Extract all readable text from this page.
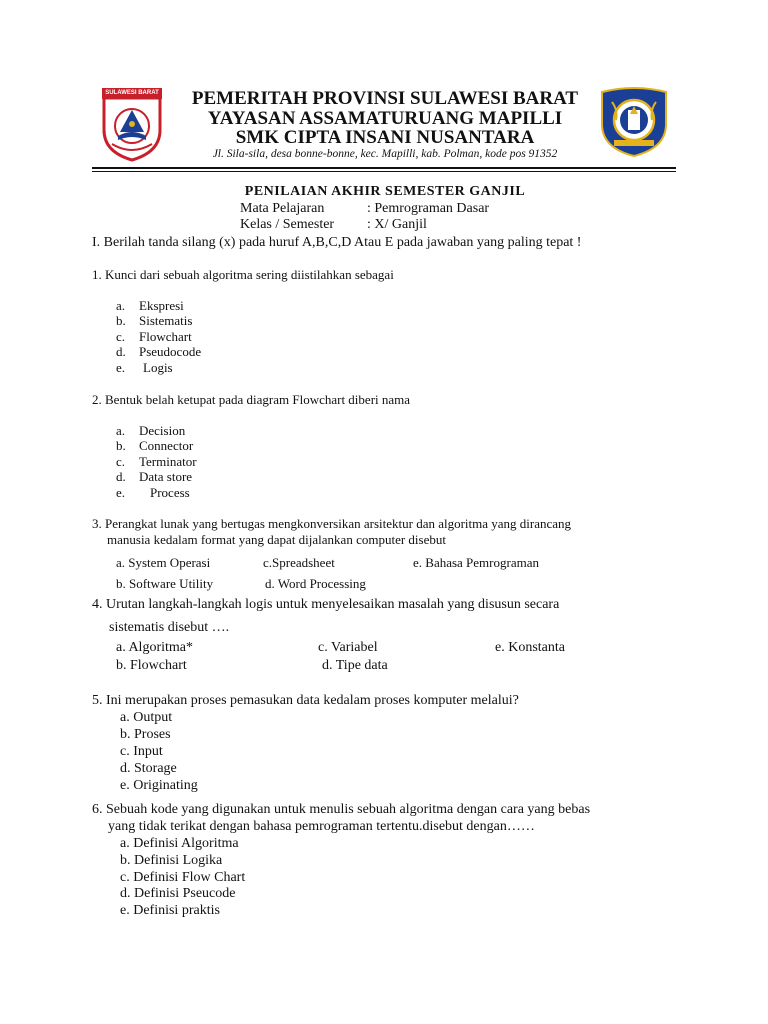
SULAWESI BARAT	PEMERITAH PROVINSI SULAWESI BARAT
YAYASAN ASSAMATURUANG MAPILLI
SMK CIPTA INSANI NUSANTARA
Jl. Sila-sila, desa bonne-bonne, kec. Mapilli, kab. Polman, kode pos 91352
PENILAIAN AKHIR SEMESTER GANJIL
Mata Pelajaran	: Pemrograman Dasar
Kelas / Semester : X/ Ganjil
I. Berilah tanda silang (x) pada huruf A,B,C,D Atau E pada jawaban yang paling tepat !
1. Kunci dari sebuah algoritma sering diistilahkan sebagai
a. Ekspresi
b. Sistematis
c. Flowchart
d. Pseudocode
e. Logis
2. Bentuk belah ketupat pada diagram Flowchart diberi nama
a. Decision
b. Connector
c. Terminator
d. Data store
e. Process
3. Perangkat lunak yang bertugas mengkonversikan arsitektur dan algoritma yang dirancang
manusia kedalam format yang dapat dijalankan computer disebut
a. System Operasi	c.Spreadsheet	e. Bahasa Pemrograman
b. Software Utility	d. Word Processing
4. Urutan langkah-langkah logis untuk menyelesaikan masalah yang disusun secara
sistematis disebut ….
a. Algoritma*	c. Variabel	e. Konstanta
b. Flowchart	d. Tipe data
5. Ini merupakan proses pemasukan data kedalam proses komputer melalui?
a. Output
b. Proses
c. Input
d. Storage
e. Originating
6. Sebuah kode yang digunakan untuk menulis sebuah algoritma dengan cara yang bebas
yang tidak terikat dengan bahasa pemrograman tertentu.disebut dengan……
a. Definisi Algoritma
b. Definisi Logika
c. Definisi Flow Chart
d. Definisi Pseucode
e. Definisi praktis
